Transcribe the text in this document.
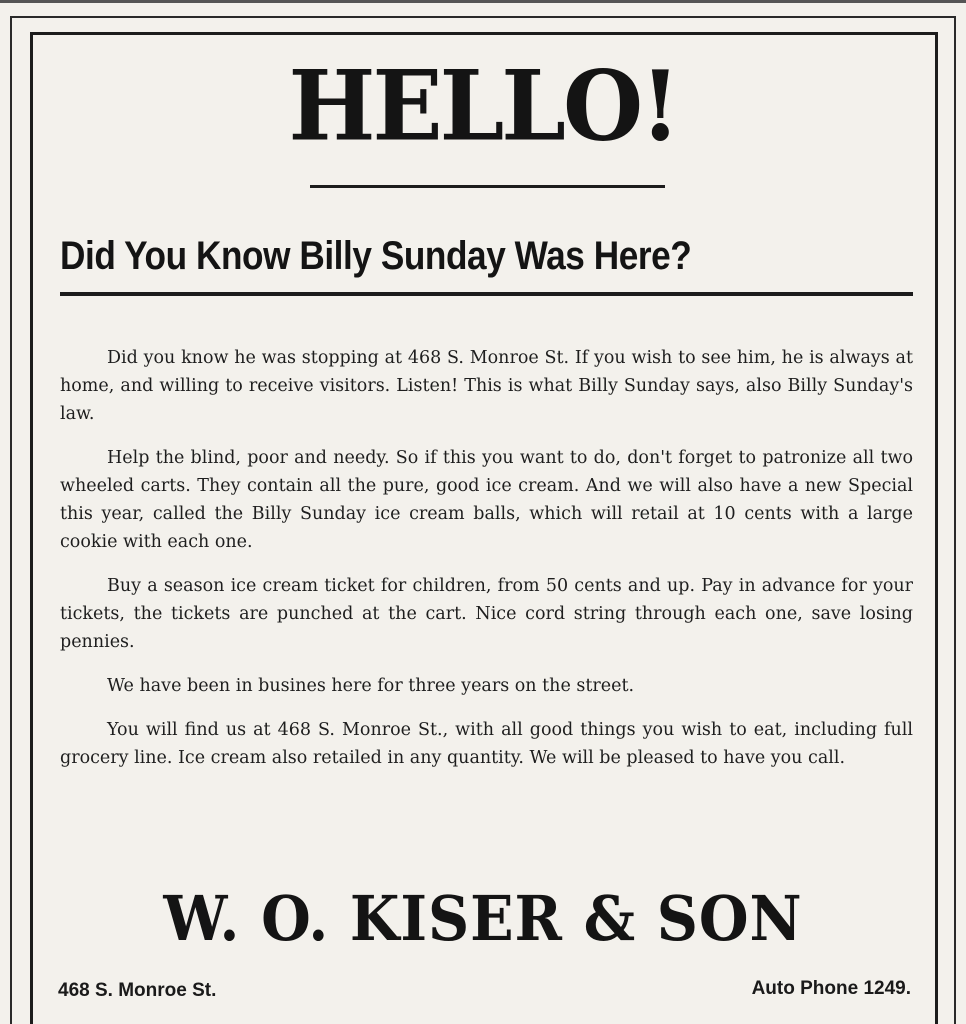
HELLO!
Did You Know Billy Sunday Was Here?

Did you know he was stopping at 468 S. Monroe St. If you wish to see him, he is always at home, and willing to receive visitors. Listen! This is what Billy Sunday says, also Billy Sunday's law.

Help the blind, poor and needy. So if this you want to do, don't forget to patronize all two wheeled carts. They contain all the pure, good ice cream. And we will also have a new Special this year, called the Billy Sunday ice cream balls, which will retail at 10 cents with a large cookie with each one.

Buy a season ice cream ticket for children, from 50 cents and up. Pay in advance for your tickets, the tickets are punched at the cart. Nice cord string through each one, save losing pennies.

We have been in busines here for three years on the street.

You will find us at 468 S. Monroe St., with all good things you wish to eat, including full grocery line. Ice cream also retailed in any quantity. We will be pleased to have you call.

W. O. KISER & SON
468 S. Monroe St.	Auto Phone 1249.
